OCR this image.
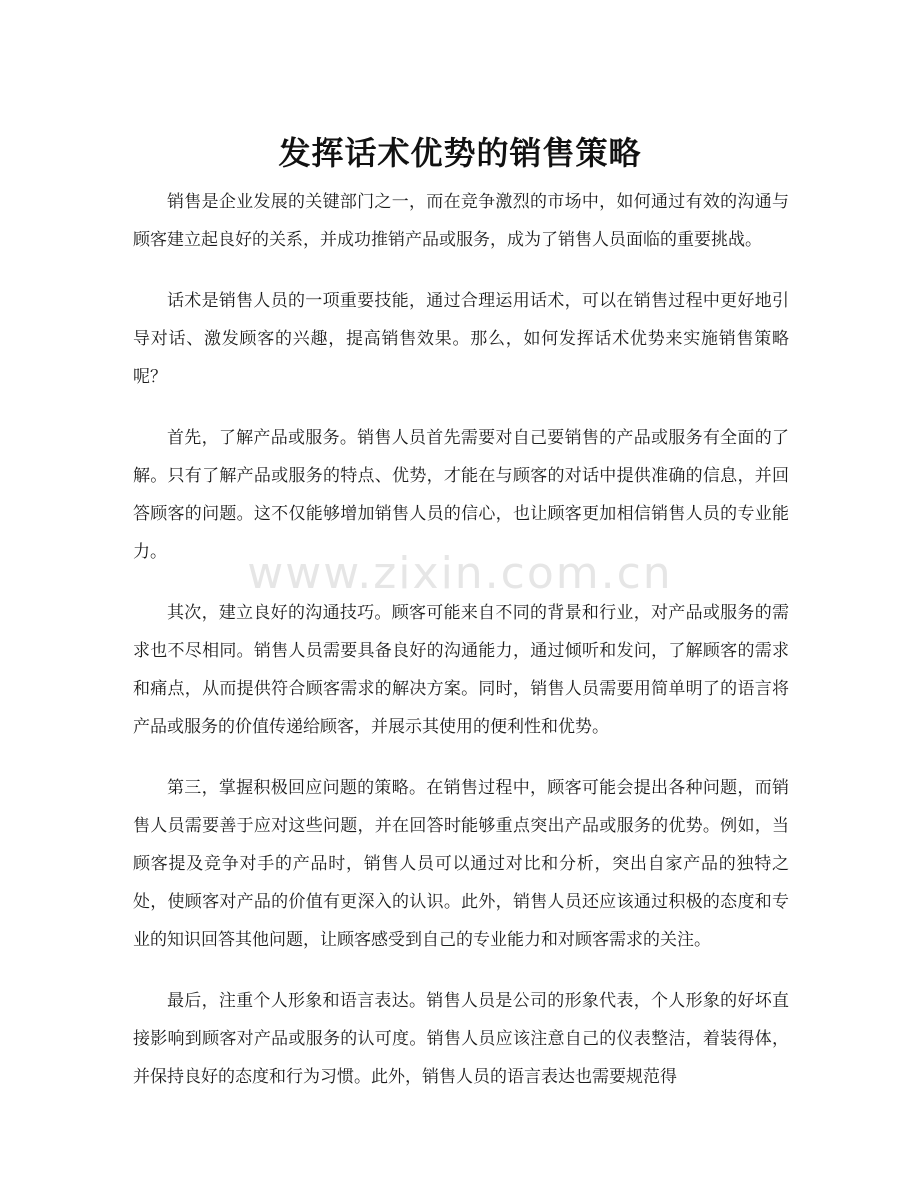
www.zixin.com.cn
发挥话术优势的销售策略

销售是企业发展的关键部门之一，而在竞争激烈的市场中，如何通过有效的沟通与顾客建立起良好的关系，并成功推销产品或服务，成为了销售人员面临的重要挑战。

话术是销售人员的一项重要技能，通过合理运用话术，可以在销售过程中更好地引导对话、激发顾客的兴趣，提高销售效果。那么，如何发挥话术优势来实施销售策略呢？

首先，了解产品或服务。销售人员首先需要对自己要销售的产品或服务有全面的了解。只有了解产品或服务的特点、优势，才能在与顾客的对话中提供准确的信息，并回答顾客的问题。这不仅能够增加销售人员的信心，也让顾客更加相信销售人员的专业能力。

其次，建立良好的沟通技巧。顾客可能来自不同的背景和行业，对产品或服务的需求也不尽相同。销售人员需要具备良好的沟通能力，通过倾听和发问，了解顾客的需求和痛点，从而提供符合顾客需求的解决方案。同时，销售人员需要用简单明了的语言将产品或服务的价值传递给顾客，并展示其使用的便利性和优势。

第三，掌握积极回应问题的策略。在销售过程中，顾客可能会提出各种问题，而销售人员需要善于应对这些问题，并在回答时能够重点突出产品或服务的优势。例如，当顾客提及竞争对手的产品时，销售人员可以通过对比和分析，突出自家产品的独特之处，使顾客对产品的价值有更深入的认识。此外，销售人员还应该通过积极的态度和专业的知识回答其他问题，让顾客感受到自己的专业能力和对顾客需求的关注。

最后，注重个人形象和语言表达。销售人员是公司的形象代表，个人形象的好坏直接影响到顾客对产品或服务的认可度。销售人员应该注意自己的仪表整洁，着装得体，并保持良好的态度和行为习惯。此外，销售人员的语言表达也需要规范得
